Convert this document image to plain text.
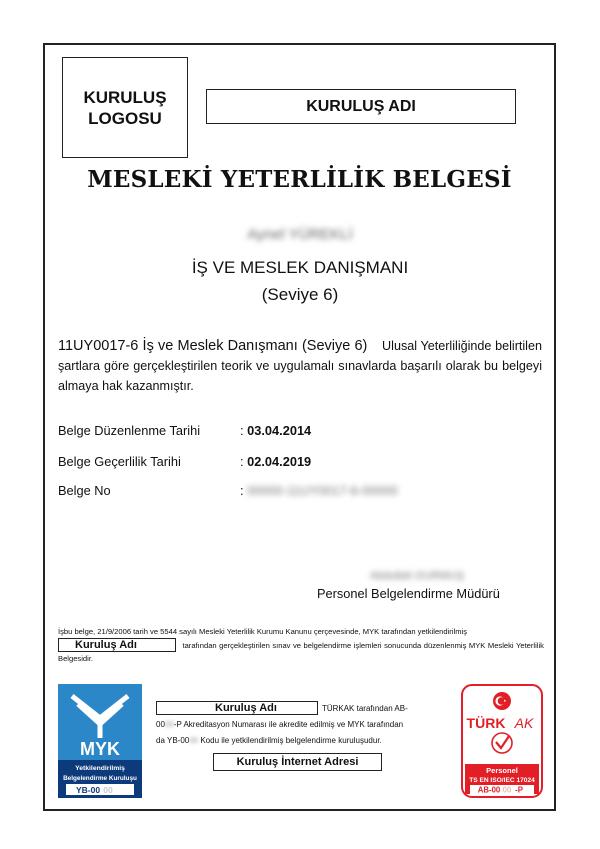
KURULUŞ
LOGOSU
KURULUŞ ADI
MESLEKİ YETERLİLİK BELGESİ
Aynel YÜREKLİ
İŞ VE MESLEK DANIŞMANI
(Seviye 6)
11UY0017-6 İş ve Meslek Danışmanı (Seviye 6) Ulusal Yeterliliğinde belirtilen şartlara göre gerçekleştirilen teorik ve uygulamalı sınavlarda başarılı olarak bu belgeyi almaya hak kazanmıştır.
Belge Düzenlenme Tarihi	: 03.04.2014
Belge Geçerlilik Tarihi	: 02.04.2019
Belge No	: 00000-11UY0017-6-00000
Abdullah DURMUŞ
Personel Belgelendirme Müdürü
İşbu belge, 21/9/2006 tarih ve 5544 sayılı Mesleki Yeterlilik Kurumu Kanunu çerçevesinde, MYK tarafından yetkilendirilmiş
Kuruluş Adı	tarafından gerçekleştirilen sınav ve belgelendirme işlemleri sonucunda düzenlenmiş MYK Mesleki Yeterlilik Belgesidir.
MYK
Yetkilendirilmiş
Belgelendirme Kuruluşu
YB-00 00
Kuruluş Adı	TÜRKAK tarafından AB-
0000-P Akreditasyon Numarası ile akredite edilmiş ve MYK tarafından
da YB-0000 Kodu ile yetkilendirilmiş belgelendirme kuruluşudur.
Kuruluş İnternet Adresi
TÜRK AK
Personel
TS EN ISO/IEC 17024
AB-00 00 -P
